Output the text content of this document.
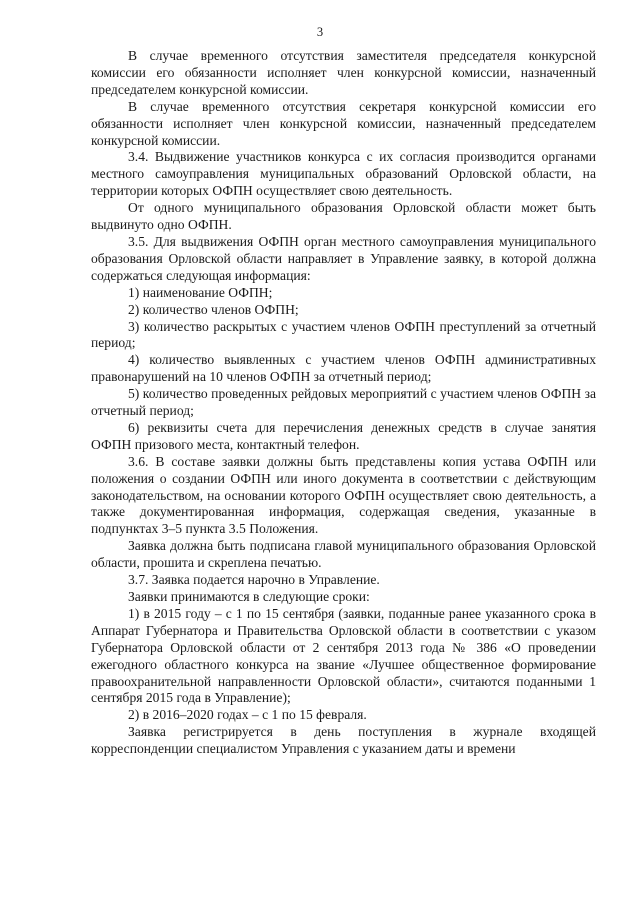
3

В случае временного отсутствия заместителя председателя конкурсной комиссии его обязанности исполняет член конкурсной комиссии, назначенный председателем конкурсной комиссии.

В случае временного отсутствия секретаря конкурсной комиссии его обязанности исполняет член конкурсной комиссии, назначенный председателем конкурсной комиссии.

3.4. Выдвижение участников конкурса с их согласия производится органами местного самоуправления муниципальных образований Орловской области, на территории которых ОФПН осуществляет свою деятельность.

От одного муниципального образования Орловской области может быть выдвинуто одно ОФПН.

3.5. Для выдвижения ОФПН орган местного самоуправления муниципального образования Орловской области направляет в Управление заявку, в которой должна содержаться следующая информация:

1) наименование ОФПН;

2) количество членов ОФПН;

3) количество раскрытых с участием членов ОФПН преступлений за отчетный период;

4) количество выявленных с участием членов ОФПН административных правонарушений на 10 членов ОФПН за отчетный период;

5) количество проведенных рейдовых мероприятий с участием членов ОФПН за отчетный период;

6) реквизиты счета для перечисления денежных средств в случае занятия ОФПН призового места, контактный телефон.

3.6. В составе заявки должны быть представлены копия устава ОФПН или положения о создании ОФПН или иного документа в соответствии с действующим законодательством, на основании которого ОФПН осуществляет свою деятельность, а также документированная информация, содержащая сведения, указанные в подпунктах 3–5 пункта 3.5 Положения.

Заявка должна быть подписана главой муниципального образования Орловской области, прошита и скреплена печатью.

3.7. Заявка подается нарочно в Управление.

Заявки принимаются в следующие сроки:

1) в 2015 году – с 1 по 15 сентября (заявки, поданные ранее указанного срока в Аппарат Губернатора и Правительства Орловской области в соответствии с указом Губернатора Орловской области от 2 сентября 2013 года № 386 «О проведении ежегодного областного конкурса на звание «Лучшее общественное формирование правоохранительной направленности Орловской области», считаются поданными 1 сентября 2015 года в Управление);

2) в 2016–2020 годах – с 1 по 15 февраля.

Заявка регистрируется в день поступления в журнале входящей корреспонденции специалистом Управления с указанием даты и времени
